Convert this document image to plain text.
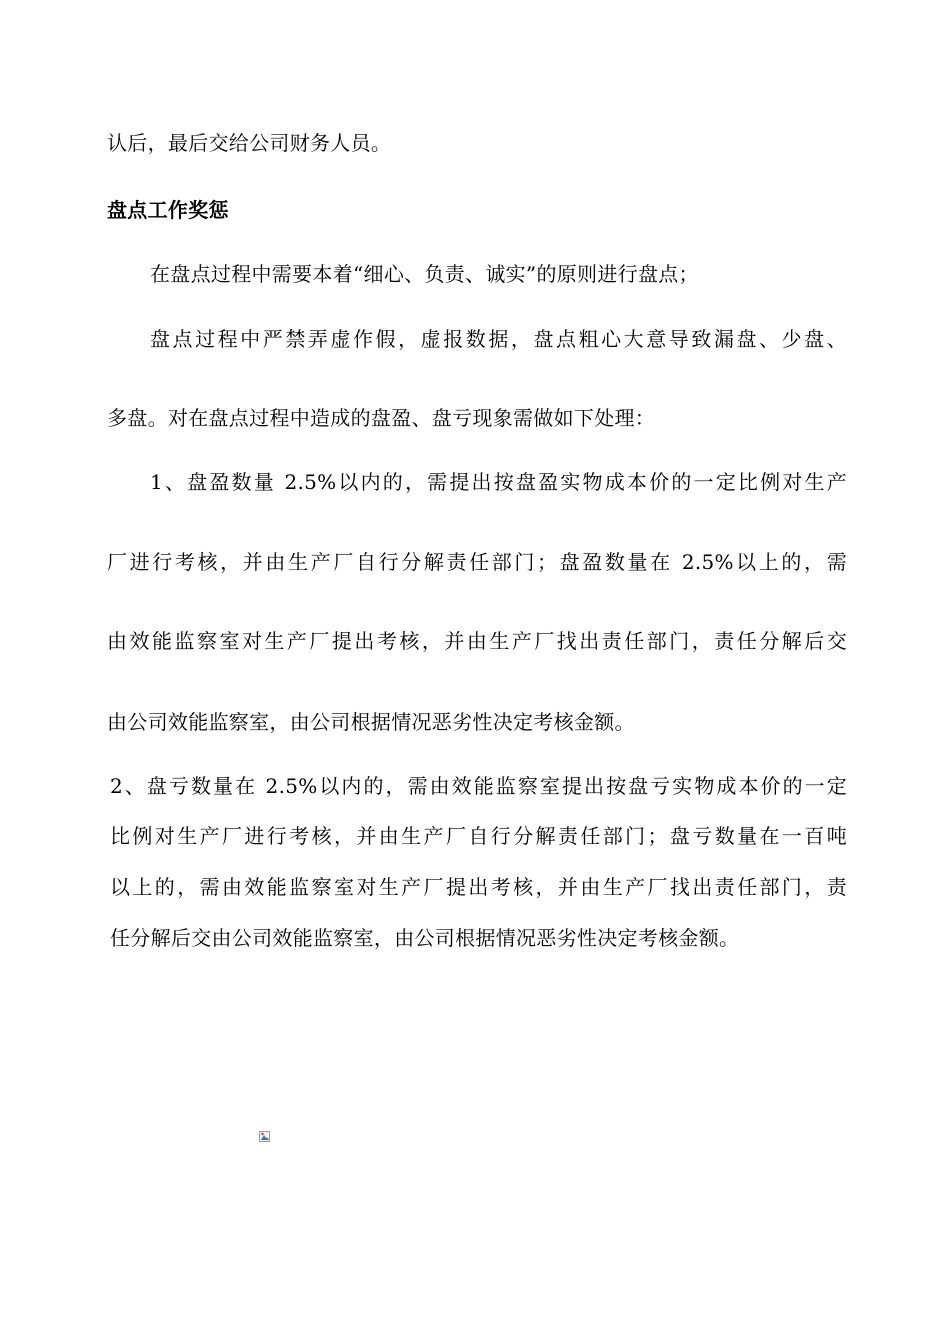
认后，最后交给公司财务人员。
盘点工作奖惩
在盘点过程中需要本着“细心、负责、诚实”的原则进行盘点；
盘点过程中严禁弄虚作假，虚报数据，盘点粗心大意导致漏盘、少盘、
多盘。对在盘点过程中造成的盘盈、盘亏现象需做如下处理：
1、盘盈数量 2.5%以内的，需提出按盘盈实物成本价的一定比例对生产
厂进行考核，并由生产厂自行分解责任部门；盘盈数量在 2.5%以上的，需
由效能监察室对生产厂提出考核，并由生产厂找出责任部门，责任分解后交
由公司效能监察室，由公司根据情况恶劣性决定考核金额。
2、盘亏数量在 2.5%以内的，需由效能监察室提出按盘亏实物成本价的一定
比例对生产厂进行考核，并由生产厂自行分解责任部门；盘亏数量在一百吨
以上的，需由效能监察室对生产厂提出考核，并由生产厂找出责任部门，责
任分解后交由公司效能监察室，由公司根据情况恶劣性决定考核金额。
